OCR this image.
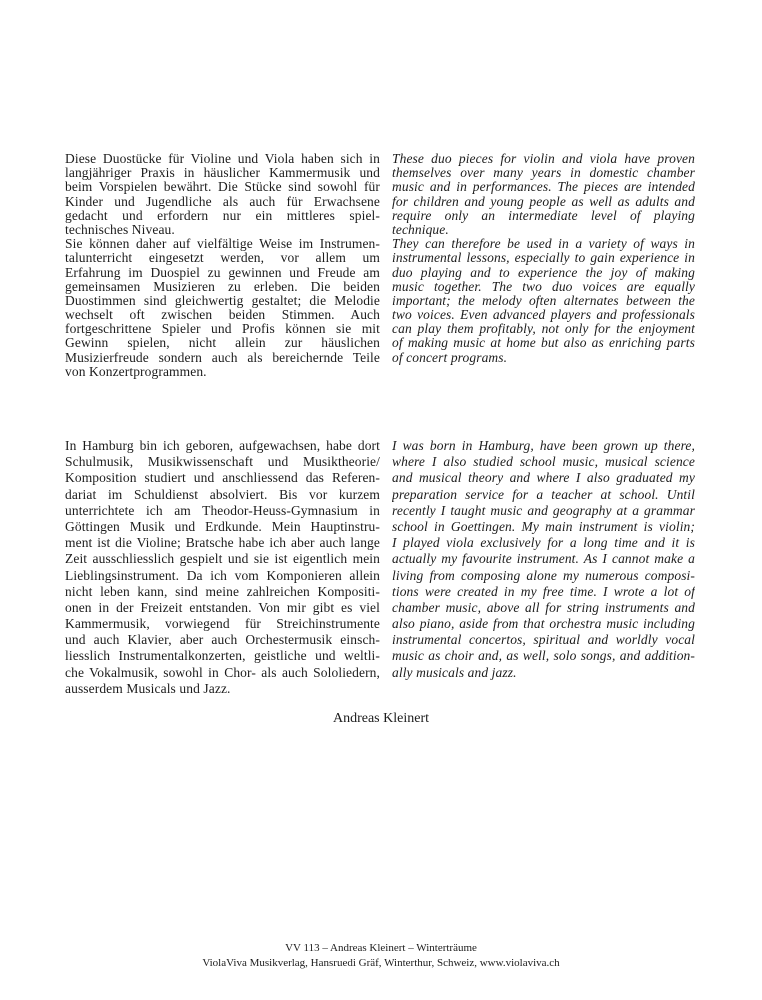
Diese Duostücke für Violine und Viola haben sich in
langjähriger Praxis in häuslicher Kammermusik und
beim Vorspielen bewährt. Die Stücke sind sowohl für
Kinder und Jugendliche als auch für Erwachsene
gedacht und erfordern nur ein mittleres spiel-
technisches Niveau.
Sie können daher auf vielfältige Weise im Instrumen-
talunterricht eingesetzt werden, vor allem um
Erfahrung im Duospiel zu gewinnen und Freude am
gemeinsamen Musizieren zu erleben. Die beiden
Duostimmen sind gleichwertig gestaltet; die Melodie
wechselt oft zwischen beiden Stimmen. Auch
fortgeschrittene Spieler und Profis können sie mit
Gewinn spielen, nicht allein zur häuslichen
Musizierfreude sondern auch als bereichernde Teile
von Konzertprogrammen.
These duo pieces for violin and viola have proven
themselves over many years in domestic chamber
music and in performances. The pieces are intended
for children and young people as well as adults and
require only an intermediate level of playing
technique.
They can therefore be used in a variety of ways in
instrumental lessons, especially to gain experience in
duo playing and to experience the joy of making
music together. The two duo voices are equally
important; the melody often alternates between the
two voices. Even advanced players and professionals
can play them profitably, not only for the enjoyment
of making music at home but also as enriching parts
of concert programs.
In Hamburg bin ich geboren, aufgewachsen, habe dort
Schulmusik, Musikwissenschaft und Musiktheorie/
Komposition studiert und anschliessend das Referen-
dariat im Schuldienst absolviert. Bis vor kurzem
unterrichtete ich am Theodor-Heuss-Gymnasium in
Göttingen Musik und Erdkunde. Mein Hauptinstru-
ment ist die Violine; Bratsche habe ich aber auch lange
Zeit ausschliesslich gespielt und sie ist eigentlich mein
Lieblingsinstrument. Da ich vom Komponieren allein
nicht leben kann, sind meine zahlreichen Kompositi-
onen in der Freizeit entstanden. Von mir gibt es viel
Kammermusik, vorwiegend für Streichinstrumente
und auch Klavier, aber auch Orchestermusik einsch-
liesslich Instrumentalkonzerten, geistliche und weltli-
che Vokalmusik, sowohl in Chor- als auch Sololiedern,
ausserdem Musicals und Jazz.
I was born in Hamburg, have been grown up there,
where I also studied school music, musical science
and musical theory and where I also graduated my
preparation service for a teacher at school. Until
recently I taught music and geography at a grammar
school in Goettingen. My main instrument is violin;
I played viola exclusively for a long time and it is
actually my favourite instrument. As I cannot make a
living from composing alone my numerous composi-
tions were created in my free time. I wrote a lot of
chamber music, above all for string instruments and
also piano, aside from that orchestra music including
instrumental concertos, spiritual and worldly vocal
music as choir and, as well, solo songs, and addition-
ally musicals and jazz.
Andreas Kleinert
VV 113 – Andreas Kleinert – Winterträume
ViolaViva Musikverlag, Hansruedi Gräf, Winterthur, Schweiz, www.violaviva.ch
